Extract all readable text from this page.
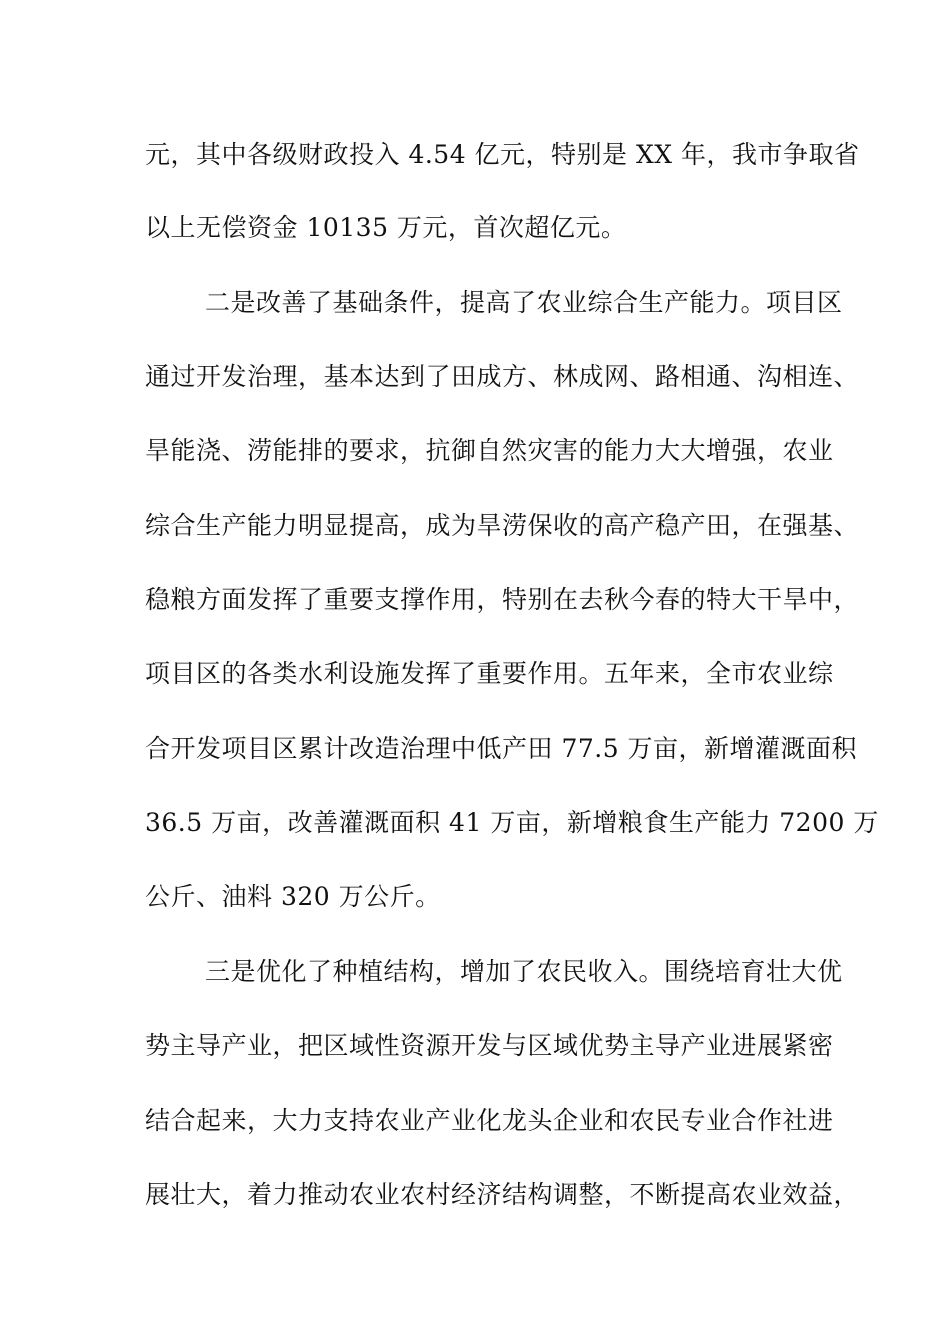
元，其中各级财政投入 4.54 亿元，特别是 XX 年，我市争取省
以上无偿资金 10135 万元，首次超亿元。
二是改善了基础条件，提高了农业综合生产能力。项目区
通过开发治理，基本达到了田成方、林成网、路相通、沟相连、
旱能浇、涝能排的要求，抗御自然灾害的能力大大增强，农业
综合生产能力明显提高，成为旱涝保收的高产稳产田，在强基、
稳粮方面发挥了重要支撑作用，特别在去秋今春的特大干旱中，
项目区的各类水利设施发挥了重要作用。五年来，全市农业综
合开发项目区累计改造治理中低产田 77.5 万亩，新增灌溉面积
36.5 万亩，改善灌溉面积 41 万亩，新增粮食生产能力 7200 万
公斤、油料 320 万公斤。
三是优化了种植结构，增加了农民收入。围绕培育壮大优
势主导产业，把区域性资源开发与区域优势主导产业进展紧密
结合起来，大力支持农业产业化龙头企业和农民专业合作社进
展壮大，着力推动农业农村经济结构调整，不断提高农业效益，
